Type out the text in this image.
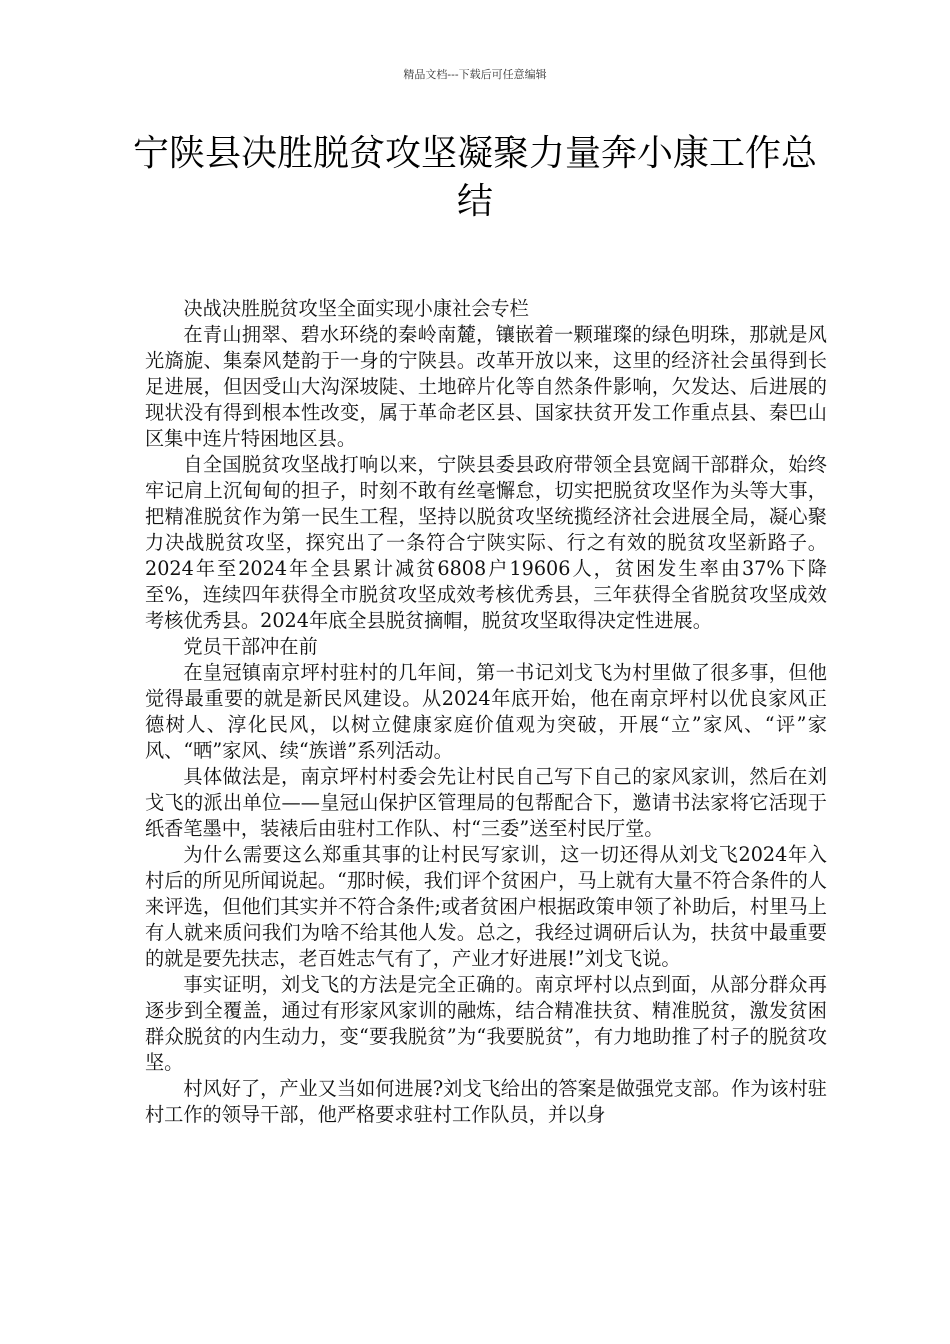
精品文档---下载后可任意编辑
宁陕县决胜脱贫攻坚凝聚力量奔小康工作总结

决战决胜脱贫攻坚全面实现小康社会专栏

在青山拥翠、碧水环绕的秦岭南麓，镶嵌着一颗璀璨的绿色明珠，那就是风光旖旎、集秦风楚韵于一身的宁陕县。改革开放以来，这里的经济社会虽得到长足进展，但因受山大沟深坡陡、土地碎片化等自然条件影响，欠发达、后进展的现状没有得到根本性改变，属于革命老区县、国家扶贫开发工作重点县、秦巴山区集中连片特困地区县。

自全国脱贫攻坚战打响以来，宁陕县委县政府带领全县宽阔干部群众，始终牢记肩上沉甸甸的担子，时刻不敢有丝毫懈怠，切实把脱贫攻坚作为头等大事，把精准脱贫作为第一民生工程，坚持以脱贫攻坚统揽经济社会进展全局，凝心聚力决战脱贫攻坚，探究出了一条符合宁陕实际、行之有效的脱贫攻坚新路子。2024年至2024年全县累计减贫6808户19606人，贫困发生率由37%下降至%，连续四年获得全市脱贫攻坚成效考核优秀县，三年获得全省脱贫攻坚成效考核优秀县。2024年底全县脱贫摘帽，脱贫攻坚取得决定性进展。

党员干部冲在前

在皇冠镇南京坪村驻村的几年间，第一书记刘戈飞为村里做了很多事，但他觉得最重要的就是新民风建设。从2024年底开始，他在南京坪村以优良家风正德树人、淳化民风，以树立健康家庭价值观为突破，开展“立”家风、“评”家风、“晒”家风、续“族谱”系列活动。

具体做法是，南京坪村村委会先让村民自己写下自己的家风家训，然后在刘戈飞的派出单位——皇冠山保护区管理局的包帮配合下，邀请书法家将它活现于纸香笔墨中，装裱后由驻村工作队、村“三委”送至村民厅堂。

为什么需要这么郑重其事的让村民写家训，这一切还得从刘戈飞2024年入村后的所见所闻说起。“那时候，我们评个贫困户，马上就有大量不符合条件的人来评选，但他们其实并不符合条件;或者贫困户根据政策申领了补助后，村里马上有人就来质问我们为啥不给其他人发。总之，我经过调研后认为，扶贫中最重要的就是要先扶志，老百姓志气有了，产业才好进展!”刘戈飞说。

事实证明，刘戈飞的方法是完全正确的。南京坪村以点到面，从部分群众再逐步到全覆盖，通过有形家风家训的融炼，结合精准扶贫、精准脱贫，激发贫困群众脱贫的内生动力，变“要我脱贫”为“我要脱贫”，有力地助推了村子的脱贫攻坚。

村风好了，产业又当如何进展?刘戈飞给出的答案是做强党支部。作为该村驻村工作的领导干部，他严格要求驻村工作队员，并以身
